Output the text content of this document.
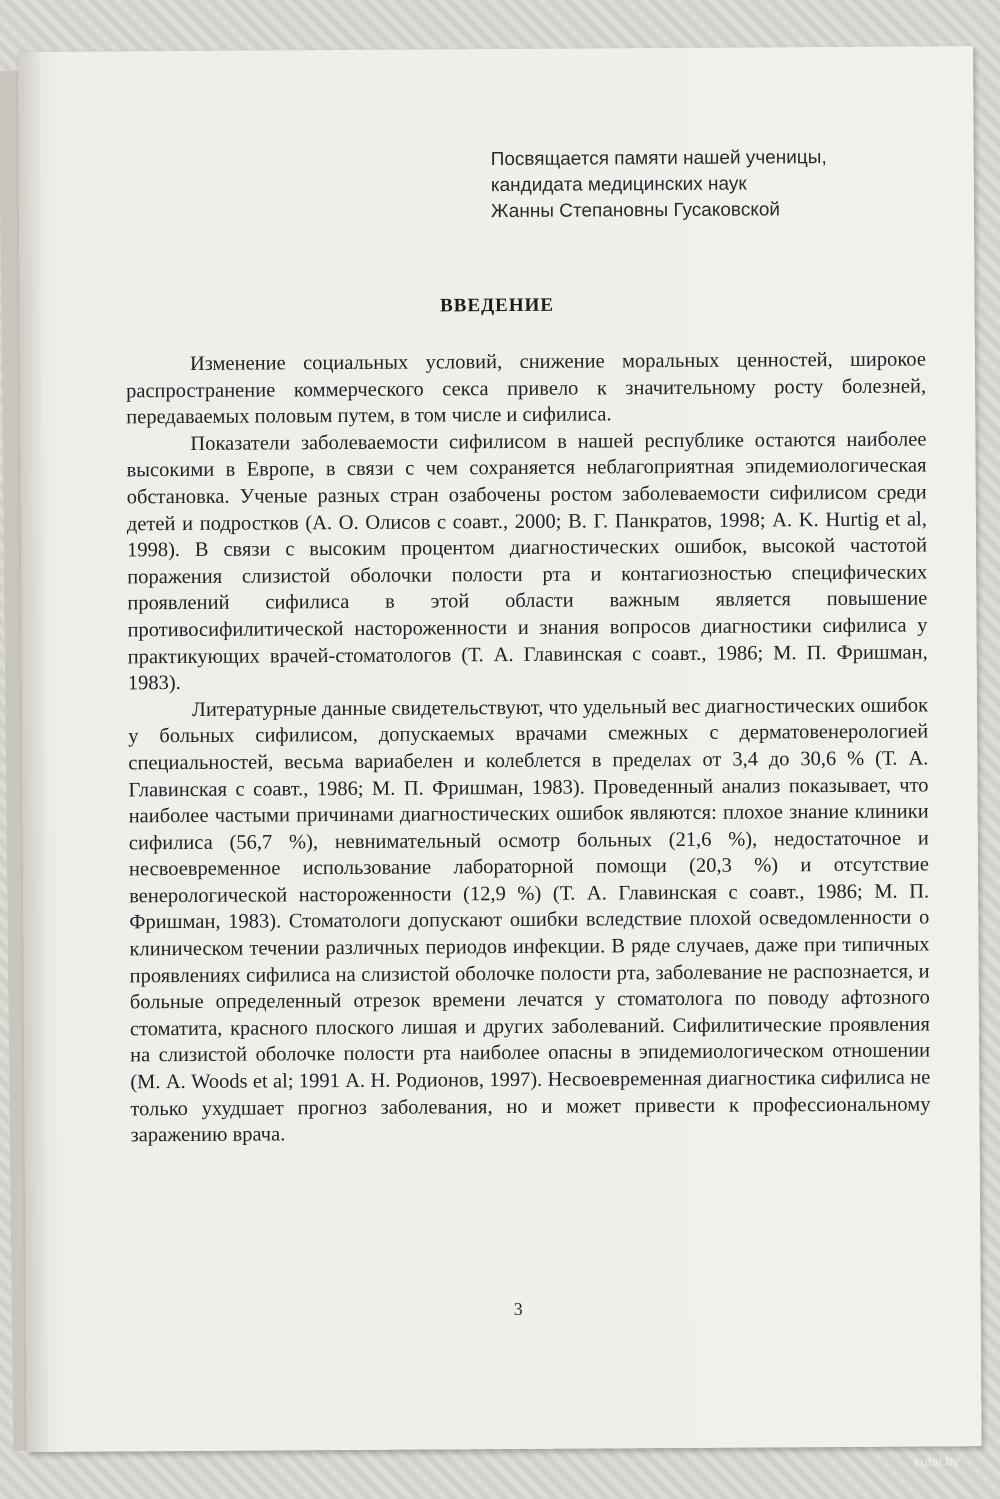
Посвящается памяти нашей ученицы,
кандидата медицинских наук
Жанны Степановны Гусаковской
ВВЕДЕНИЕ

Изменение социальных условий, снижение моральных ценностей, широкое распространение коммерческого секса привело к значительному росту болезней, передаваемых половым путем, в том числе и сифилиса.

Показатели заболеваемости сифилисом в нашей республике остаются наиболее высокими в Европе, в связи с чем сохраняется неблагоприятная эпидемиологическая обстановка. Ученые разных стран озабочены ростом заболеваемости сифилисом среди детей и подростков (А. О. Олисов с соавт., 2000; В. Г. Панкратов, 1998; А. K. Hurtig et al, 1998). В связи с высоким процентом диагностических ошибок, высокой частотой поражения слизистой оболочки полости рта и контагиозностью специфических проявлений сифилиса в этой области важным является повышение противосифилитической настороженности и знания вопросов диагностики сифилиса у практикующих врачей-стоматологов (Т. А. Главинская с соавт., 1986; М. П. Фришман, 1983).

Литературные данные свидетельствуют, что удельный вес диагностических ошибок у больных сифилисом, допускаемых врачами смежных с дерматовенерологией специальностей, весьма вариабелен и колеблется в пределах от 3,4 до 30,6 % (Т. А. Главинская с соавт., 1986; М. П. Фришман, 1983). Проведенный анализ показывает, что наиболее частыми причинами диагностических ошибок являются: плохое знание клиники сифилиса (56,7 %), невнимательный осмотр больных (21,6 %), недостаточное и несвоевременное использование лабораторной помощи (20,3 %) и отсутствие венерологической настороженности (12,9 %) (Т. А. Главинская с соавт., 1986; М. П. Фришман, 1983). Стоматологи допускают ошибки вследствие плохой осведомленности о клиническом течении различных периодов инфекции. В ряде случаев, даже при типичных проявлениях сифилиса на слизистой оболочке полости рта, заболевание не распознается, и больные определенный отрезок времени лечатся у стоматолога по поводу афтозного стоматита, красного плоского лишая и других заболеваний. Сифилитические проявления на слизистой оболочке полости рта наиболее опасны в эпидемиологическом отношении (М. А. Woods et al; 1991 А. Н. Родионов, 1997). Несвоевременная диагностика сифилиса не только ухудшает прогноз заболевания, но и может привести к профессиональному заражению врача.

3
kufar.by
